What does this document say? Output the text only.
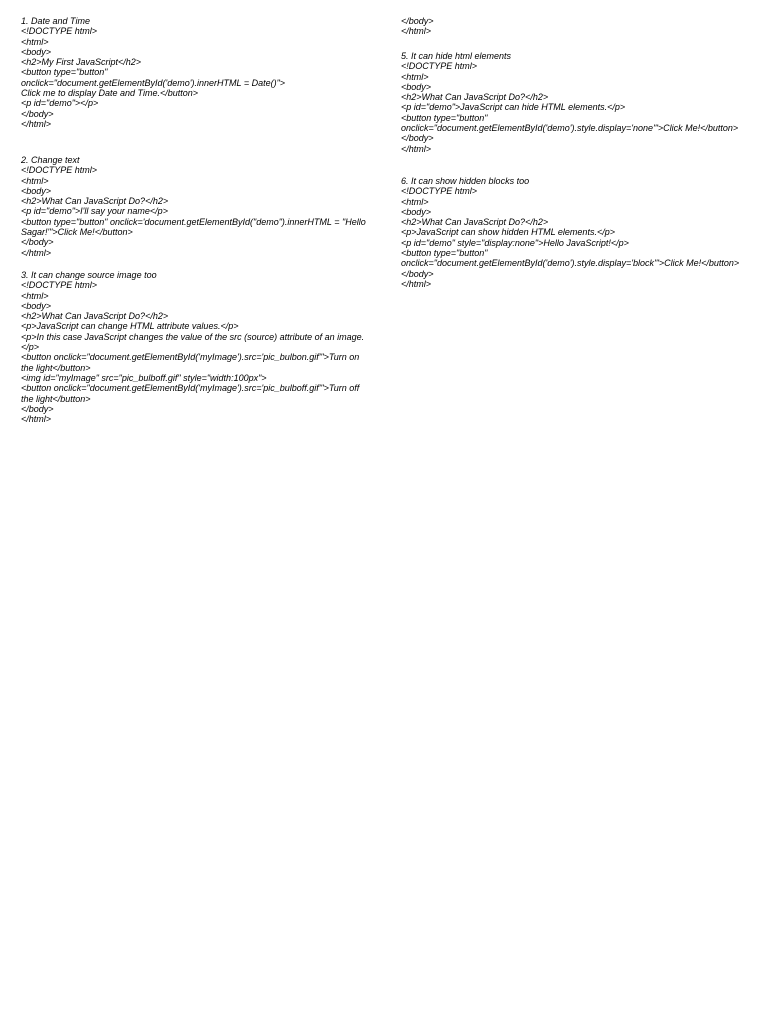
1. Date and Time
<!DOCTYPE html>
<html>
<body>
<h2>My First JavaScript</h2>
<button type="button"
onclick="document.getElementById('demo').innerHTML = Date()">
Click me to display Date and Time.</button>
<p id="demo"></p>
</body>
</html>
2. Change text
<!DOCTYPE html>
<html>
<body>
<h2>What Can JavaScript Do?</h2>
<p id="demo">I'll say your name</p>
<button type="button" onclick='document.getElementById("demo").innerHTML = "Hello Sagar!"'>Click Me!</button>
</body>
</html>
3. It can change source image too
<!DOCTYPE html>
<html>
<body>
<h2>What Can JavaScript Do?</h2>
<p>JavaScript can change HTML attribute values.</p>
<p>In this case JavaScript changes the value of the src (source) attribute of an image.</p>
<button onclick="document.getElementById('myImage').src='pic_bulbon.gif'">Turn on the light</button>
<img id="myImage" src="pic_bulboff.gif" style="width:100px">
<button onclick="document.getElementById('myImage').src='pic_bulboff.gif'">Turn off the light</button>
</body>
</html>
</body>
</html>
5. It can hide html elements
<!DOCTYPE html>
<html>
<body>
<h2>What Can JavaScript Do?</h2>
<p id="demo">JavaScript can hide HTML elements.</p>
<button type="button"
onclick="document.getElementById('demo').style.display='none'">Click Me!</button></body>
</html>
6. It can show hidden blocks too
<!DOCTYPE html>
<html>
<body>
<h2>What Can JavaScript Do?</h2>
<p>JavaScript can show hidden HTML elements.</p>
<p id="demo" style="display:none">Hello JavaScript!</p>
<button type="button"
onclick="document.getElementById('demo').style.display='block'">Click Me!</button>
</body>
</html>
